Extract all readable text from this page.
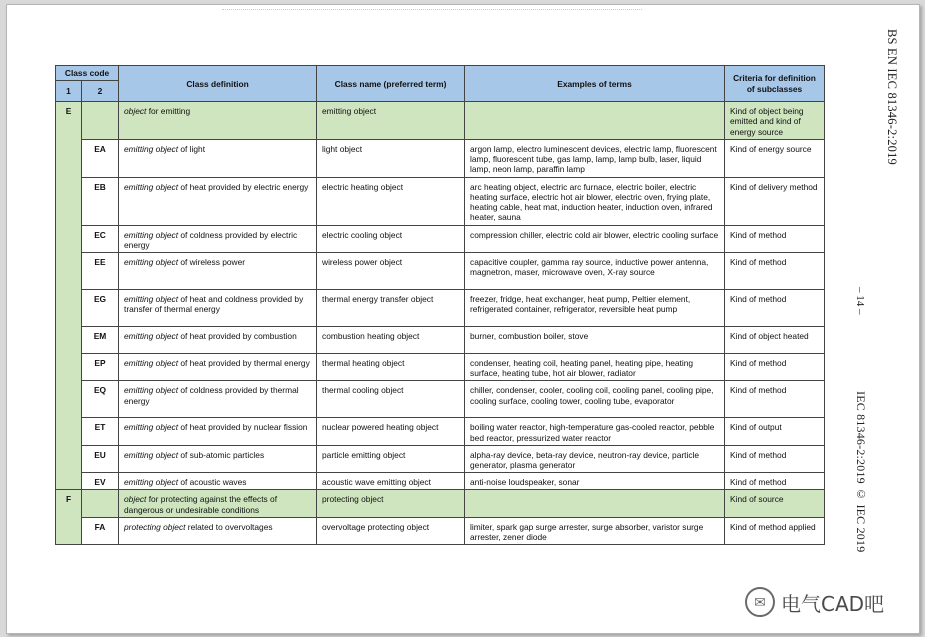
Class code		Class definition	Class name (preferred term)	Examples of terms	Criteria for definition of subclasses
1	2				
E		object for emitting	emitting object		Kind of object being emitted and kind of energy source
	EA	emitting object of light	light object	argon lamp, electro luminescent devices, electric lamp, fluorescent lamp, fluorescent tube, gas lamp, lamp, lamp bulb, laser, liquid lamp, neon lamp, paraffin lamp	Kind of energy source
	EB	emitting object of heat provided by electric energy	electric heating object	arc heating object, electric arc furnace, electric boiler, electric heating surface, electric hot air blower, electric oven, frying plate, heating cable, heat mat, induction heater, induction oven, infrared heater, sauna	Kind of delivery method
	EC	emitting object of coldness provided by electric energy	electric cooling object	compression chiller, electric cold air blower, electric cooling surface	Kind of method
	EE	emitting object of wireless power	wireless power object	capacitive coupler, gamma ray source, inductive power antenna, magnetron, maser, microwave oven, X-ray source	Kind of method
	EG	emitting object of heat and coldness provided by transfer of thermal energy	thermal energy transfer object	freezer, fridge, heat exchanger, heat pump, Peltier element, refrigerated container, refrigerator, reversible heat pump	Kind of method
	EM	emitting object of heat provided by combustion	combustion heating object	burner, combustion boiler, stove	Kind of object heated
	EP	emitting object of heat provided by thermal energy	thermal heating object	condenser, heating coil, heating panel, heating pipe, heating surface, heating tube, hot air blower, radiator	Kind of method
	EQ	emitting object of coldness provided by thermal energy	thermal cooling object	chiller, condenser, cooler, cooling coil, cooling panel, cooling pipe, cooling surface, cooling tower, cooling tube, evaporator	Kind of method
	ET	emitting object of heat provided by nuclear fission	nuclear powered heating object	boiling water reactor, high-temperature gas-cooled reactor, pebble bed reactor, pressurized water reactor	Kind of output
	EU	emitting object of sub-atomic particles	particle emitting object	alpha-ray device, beta-ray device, neutron-ray device, particle generator, plasma generator	Kind of method
	EV	emitting object of acoustic waves	acoustic wave emitting object	anti-noise loudspeaker, sonar	Kind of method
F		object for protecting against the effects of dangerous or undesirable conditions	protecting object		Kind of source
	FA	protecting object related to overvoltages	overvoltage protecting object	limiter, spark gap surge arrester, surge absorber, varistor surge arrester, zener diode	Kind of method applied
BS EN IEC 81346-2:2019
– 14 –
IEC 81346-2:2019 © IEC 2019
✉ 电气CAD吧
